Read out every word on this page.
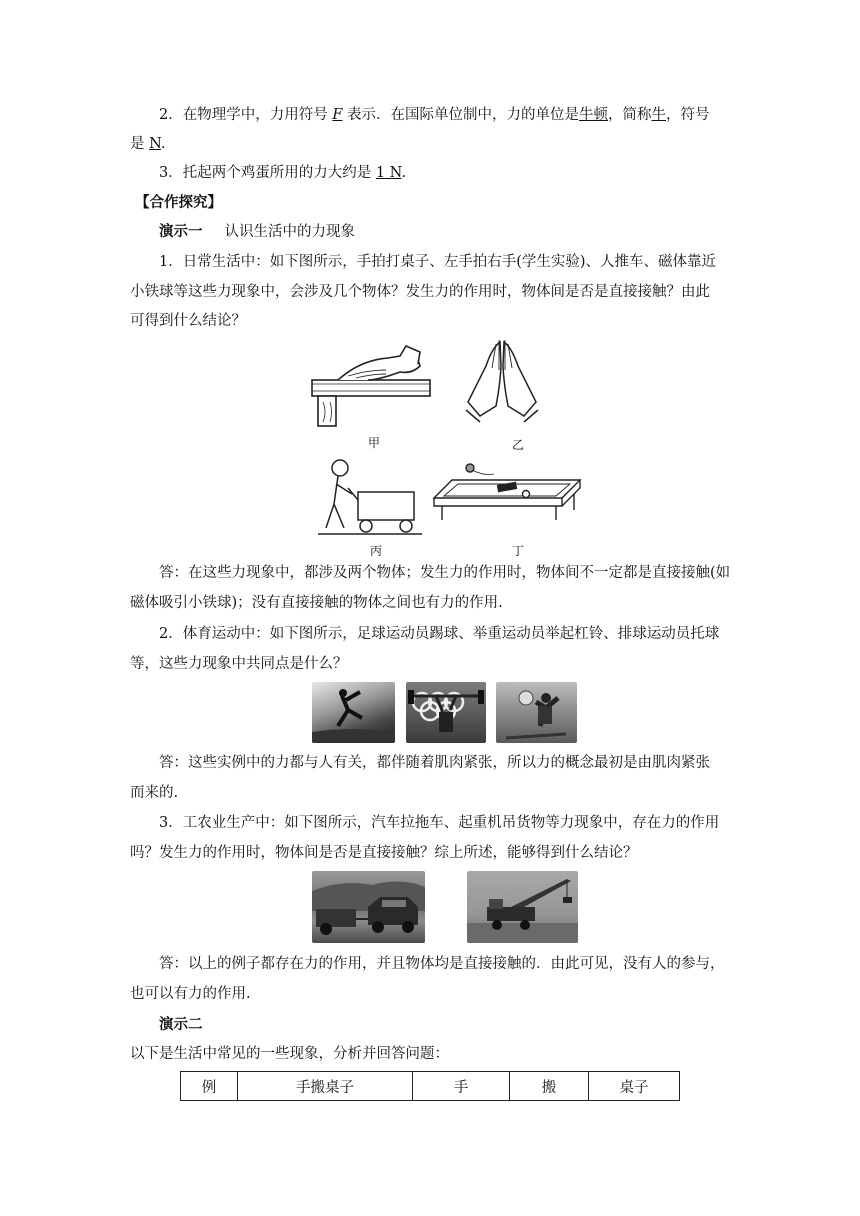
2．在物理学中，力用符号 F 表示．在国际单位制中，力的单位是牛顿，简称牛，符号
是 N.
3．托起两个鸡蛋所用的力大约是 1 N.
【合作探究】
演示一 认识生活中的力现象
1．日常生活中：如下图所示，手拍打桌子、左手拍右手(学生实验)、人推车、磁体靠近
小铁球等这些力现象中，会涉及几个物体？发生力的作用时，物体间是否是直接接触？由此
可得到什么结论？
甲	乙
丙	丁
答：在这些力现象中，都涉及两个物体；发生力的作用时，物体间不一定都是直接接触(如
磁体吸引小铁球)；没有直接接触的物体之间也有力的作用.
2．体育运动中：如下图所示，足球运动员踢球、举重运动员举起杠铃、排球运动员托球
等，这些力现象中共同点是什么？
答：这些实例中的力都与人有关，都伴随着肌肉紧张，所以力的概念最初是由肌肉紧张
而来的.
3．工农业生产中：如下图所示，汽车拉拖车、起重机吊货物等力现象中，存在力的作用
吗？发生力的作用时，物体间是否是直接接触？综上所述，能够得到什么结论？
答：以上的例子都存在力的作用，并且物体均是直接接触的．由此可见，没有人的参与，
也可以有力的作用.
演示二
以下是生活中常见的一些现象，分析并回答问题：
例	手搬桌子	手	搬	桌子
